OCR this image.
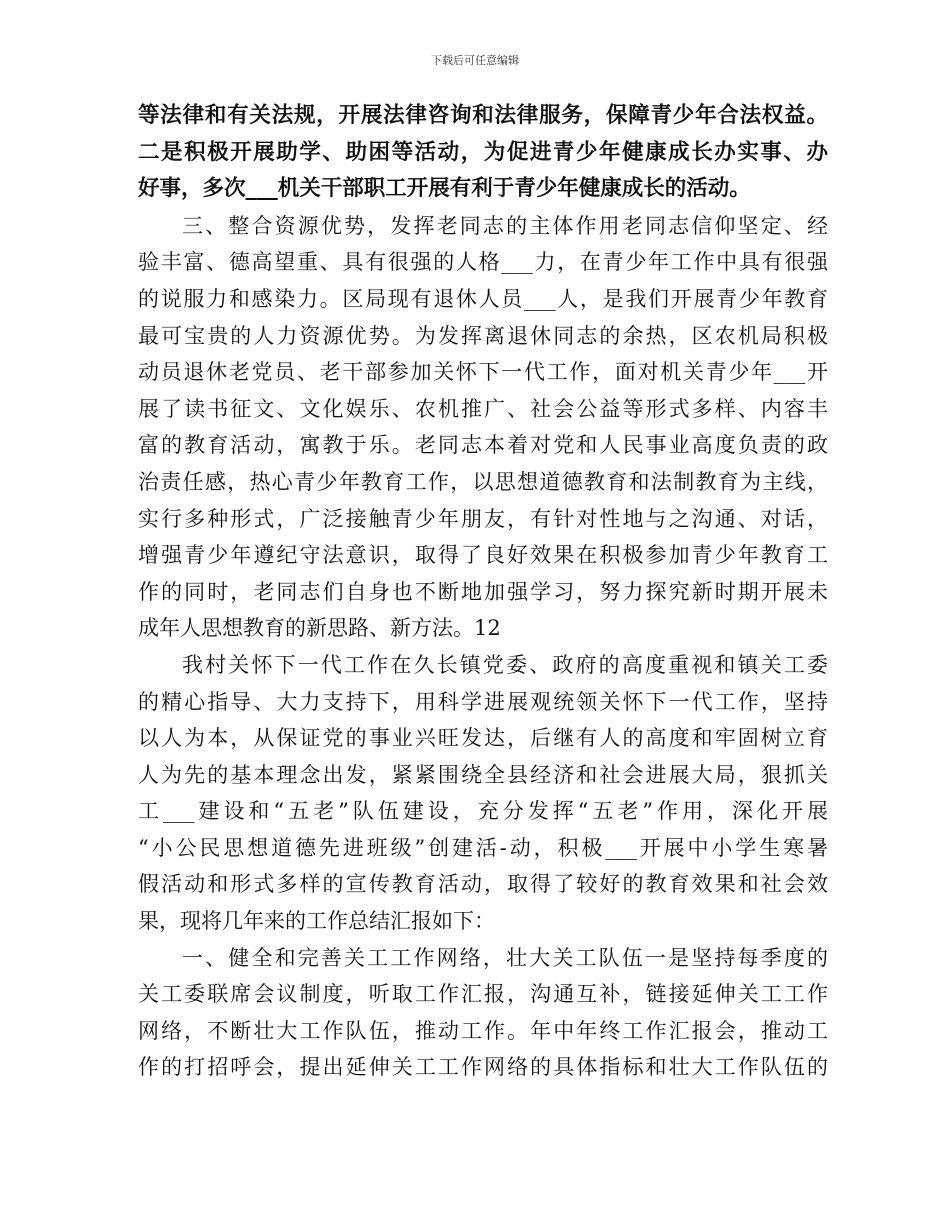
下载后可任意编辑
等法律和有关法规，开展法律咨询和法律服务，保障青少年合法权益。
二是积极开展助学、助困等活动，为促进青少年健康成长办实事、办
好事，多次___机关干部职工开展有利于青少年健康成长的活动。
三、整合资源优势，发挥老同志的主体作用老同志信仰坚定、经
验丰富、德高望重、具有很强的人格___力，在青少年工作中具有很强
的说服力和感染力。区局现有退休人员___人，是我们开展青少年教育
最可宝贵的人力资源优势。为发挥离退休同志的余热，区农机局积极
动员退休老党员、老干部参加关怀下一代工作，面对机关青少年___开
展了读书征文、文化娱乐、农机推广、社会公益等形式多样、内容丰
富的教育活动，寓教于乐。老同志本着对党和人民事业高度负责的政
治责任感，热心青少年教育工作，以思想道德教育和法制教育为主线，
实行多种形式，广泛接触青少年朋友，有针对性地与之沟通、对话，
增强青少年遵纪守法意识，取得了良好效果在积极参加青少年教育工
作的同时，老同志们自身也不断地加强学习，努力探究新时期开展未
成年人思想教育的新思路、新方法。12
我村关怀下一代工作在久长镇党委、政府的高度重视和镇关工委
的精心指导、大力支持下，用科学进展观统领关怀下一代工作，坚持
以人为本，从保证党的事业兴旺发达，后继有人的高度和牢固树立育
人为先的基本理念出发，紧紧围绕全县经济和社会进展大局，狠抓关
工___建设和“五老”队伍建设，充分发挥“五老”作用，深化开展
“小公民思想道德先进班级”创建活-动，积极___开展中小学生寒暑
假活动和形式多样的宣传教育活动，取得了较好的教育效果和社会效
果，现将几年来的工作总结汇报如下：
一、健全和完善关工工作网络，壮大关工队伍一是坚持每季度的
关工委联席会议制度，听取工作汇报，沟通互补，链接延伸关工工作
网络，不断壮大工作队伍，推动工作。年中年终工作汇报会，推动工
作的打招呼会，提出延伸关工工作网络的具体指标和壮大工作队伍的
